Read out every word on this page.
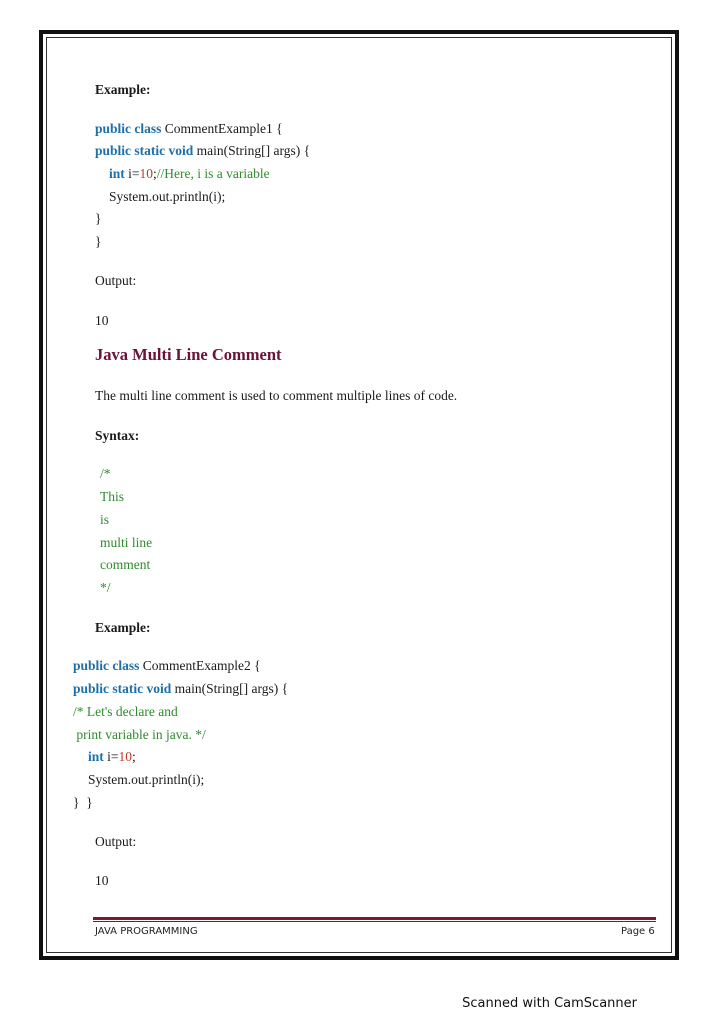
Example:
public class CommentExample1 {
public static void main(String[] args) {
int i=10;//Here, i is a variable
System.out.println(i);
}
}
Output:
10
Java Multi Line Comment
The multi line comment is used to comment multiple lines of code.
Syntax:
/*
This
is
multi line
comment
*/
Example:
public class CommentExample2 {
public static void main(String[] args) {
/* Let's declare and
print variable in java. */
int i=10;
System.out.println(i);
}  }
Output:
10
JAVA PROGRAMMING	Page 6
Scanned with CamScanner
